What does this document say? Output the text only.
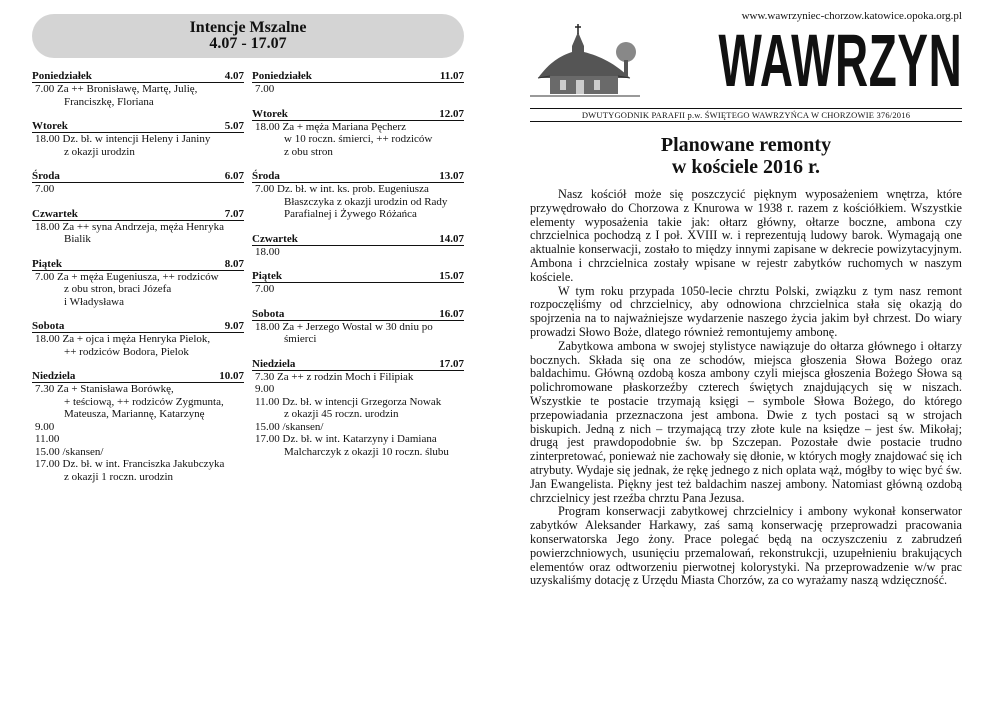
Intencje Mszalne
4.07 - 17.07
Poniedziałek	4.07
7.00 Za ++ Bronisławę, Martę, Julię,
Franciszkę, Floriana
Wtorek	5.07
18.00 Dz. bł. w intencji Heleny i Janiny
z okazji urodzin
Środa	6.07
7.00
Czwartek	7.07
18.00 Za ++ syna Andrzeja, męża Henryka
Bialik
Piątek	8.07
7.00 Za + męża Eugeniusza, ++ rodziców
z obu stron, braci Józefa
i Władysława
Sobota	9.07
18.00 Za + ojca i męża Henryka Pielok,
++ rodziców Bodora, Pielok
Niedziela	10.07
7.30 Za + Stanisława Borówkę,
+ teściową, ++ rodziców Zygmunta,
Mateusza, Mariannę, Katarzynę
9.00
11.00
15.00 /skansen/
17.00 Dz. bł. w int. Franciszka Jakubczyka
z okazji 1 roczn. urodzin
Poniedziałek	11.07
7.00
Wtorek	12.07
18.00 Za + męża Mariana Pęcherz
w 10 roczn. śmierci, ++ rodziców
z obu stron
Środa	13.07
7.00 Dz. bł. w int. ks. prob. Eugeniusza
Błaszczyka z okazji urodzin od Rady
Parafialnej i Żywego Różańca
Czwartek	14.07
18.00
Piątek	15.07
7.00
Sobota	16.07
18.00 Za + Jerzego Wostal w 30 dniu po
śmierci
Niedziela	17.07
7.30 Za ++ z rodzin Moch i Filipiak
9.00
11.00 Dz. bł. w intencji Grzegorza Nowak
z okazji 45 roczn. urodzin
15.00 /skansen/
17.00 Dz. bł. w int. Katarzyny i Damiana
Malcharczyk z okazji 10 roczn. ślubu
www.wawrzyniec-chorzow.katowice.opoka.org.pl
WAWRZYN
DWUTYGODNIK PARAFII p.w. ŚWIĘTEGO WAWRZYŃCA W CHORZOWIE 376/2016
Planowane remonty
w kościele 2016 r.

Nasz kościół może się poszczycić pięknym wyposażeniem wnętrza, które przywędrowało do Chorzowa z Knurowa w 1938 r. razem z kościółkiem. Wszystkie elementy wyposażenia takie jak: ołtarz główny, ołtarze boczne, ambona czy chrzcielnica pochodzą z I poł. XVIII w. i reprezentują ludowy barok. Wymagają one aktualnie konserwacji, zostało to między innymi zapisane w dekrecie powizytacyjnym. Ambona i chrzcielnica zostały wpisane w rejestr zabytków ruchomych w naszym kościele.

W tym roku przypada 1050-lecie chrztu Polski, związku z tym nasz remont rozpoczęliśmy od chrzcielnicy, aby odnowiona chrzcielnica stała się okazją do spojrzenia na to najważniejsze wydarzenie naszego życia jakim był chrzest. Do wiary prowadzi Słowo Boże, dlatego również remontujemy ambonę.

Zabytkowa ambona w swojej stylistyce nawiązuje do ołtarza głównego i ołtarzy bocznych. Składa się ona ze schodów, miejsca głoszenia Słowa Bożego oraz baldachimu. Główną ozdobą kosza ambony czyli miejsca głoszenia Bożego Słowa są polichromowane płaskorzeźby czterech świętych znajdujących się w niszach. Wszystkie te postacie trzymają księgi – symbole Słowa Bożego, do którego przepowiadania przeznaczona jest ambona. Dwie z tych postaci są w strojach biskupich. Jedną z nich – trzymającą trzy złote kule na księdze – jest św. Mikołaj; drugą jest prawdopodobnie św. bp Szczepan. Pozostałe dwie postacie trudno zinterpretować, ponieważ nie zachowały się dłonie, w których mogły znajdować się ich atrybuty. Wydaje się jednak, że rękę jednego z nich oplata wąż, mógłby to więc być św. Jan Ewangelista. Piękny jest też baldachim naszej ambony. Natomiast główną ozdobą chrzcielnicy jest rzeźba chrztu Pana Jezusa.

Program konserwacji zabytkowej chrzcielnicy i ambony wykonał konserwator zabytków Aleksander Harkawy, zaś samą konserwację przeprowadzi pracowania konserwatorska Jego żony. Prace polegać będą na oczyszczeniu z zabrudzeń powierzchniowych, usunięciu przemalowań, rekonstrukcji, uzupełnieniu brakujących elementów oraz odtworzeniu pierwotnej kolorystyki. Na przeprowadzenie w/w prac uzyskaliśmy dotację z Urzędu Miasta Chorzów, za co wyrażamy naszą wdzięczność.
